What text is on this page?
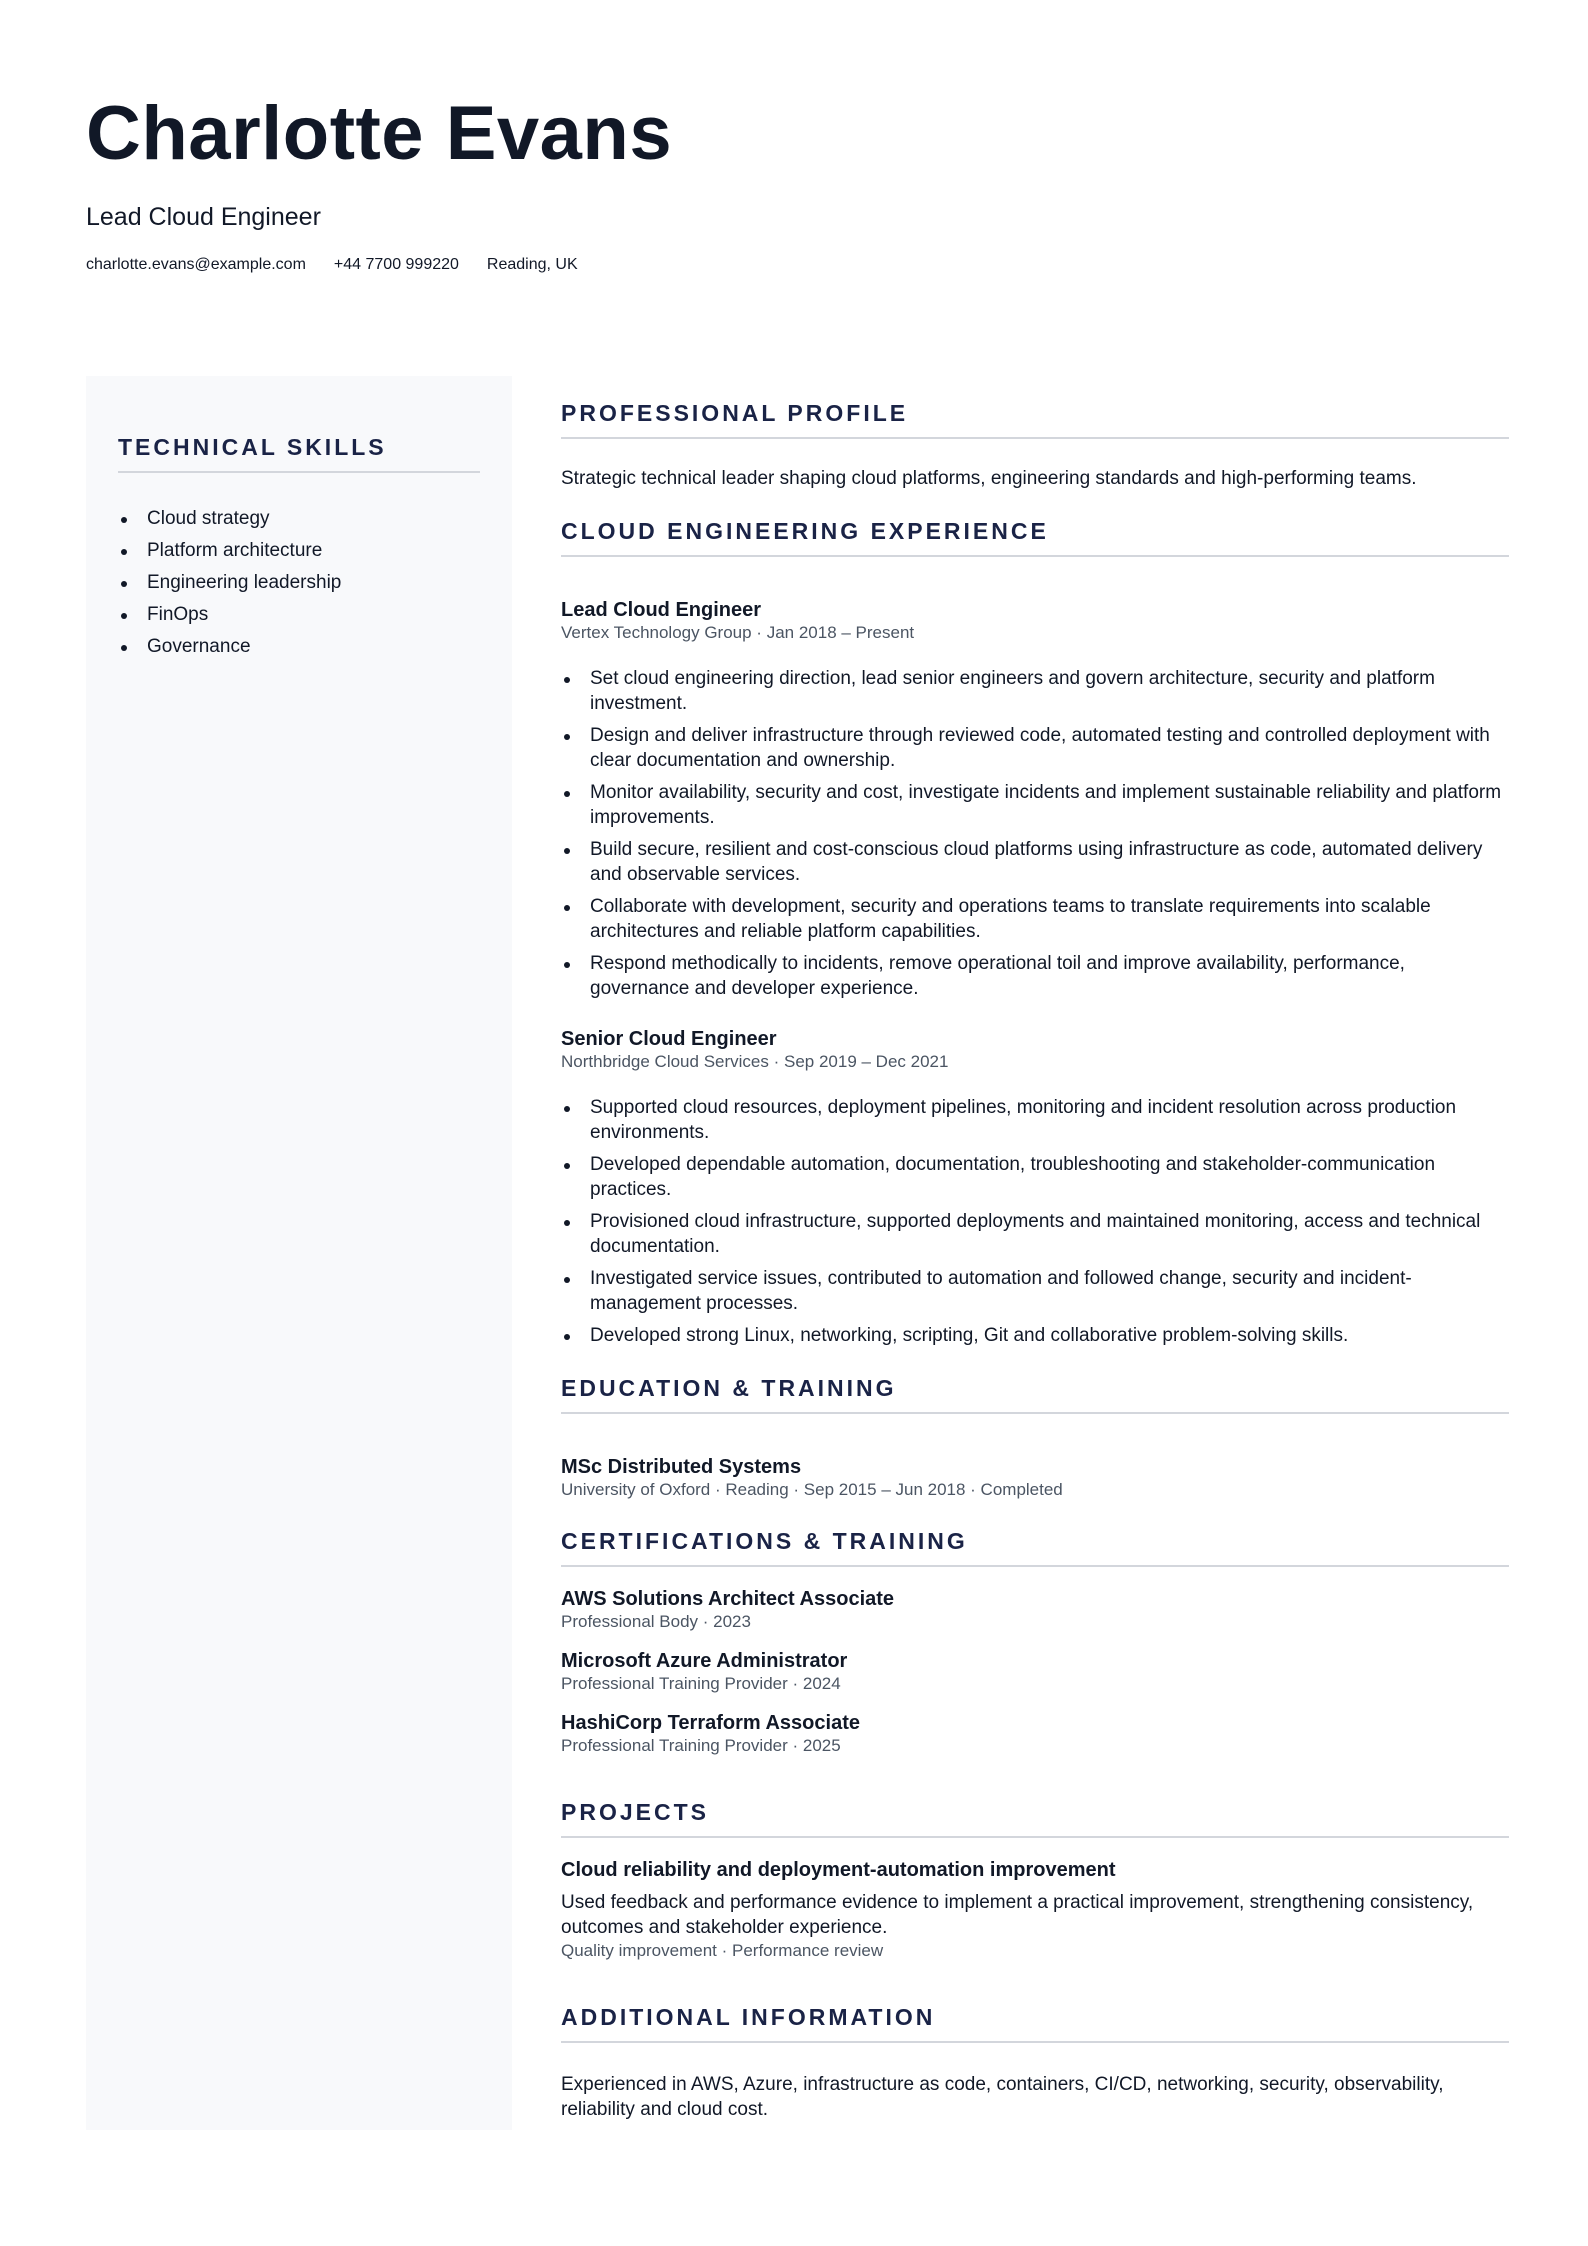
Charlotte Evans
Lead Cloud Engineer
charlotte.evans@example.com +44 7700 999220 Reading, UK
TECHNICAL SKILLS
Cloud strategy
Platform architecture
Engineering leadership
FinOps
Governance
PROFESSIONAL PROFILE

Strategic technical leader shaping cloud platforms, engineering standards and high-performing teams.

CLOUD ENGINEERING EXPERIENCE
Lead Cloud Engineer
Vertex Technology Group · Jan 2018 – Present
Set cloud engineering direction, lead senior engineers and govern architecture, security and platform investment.
Design and deliver infrastructure through reviewed code, automated testing and controlled deployment with clear documentation and ownership.
Monitor availability, security and cost, investigate incidents and implement sustainable reliability and platform improvements.
Build secure, resilient and cost-conscious cloud platforms using infrastructure as code, automated delivery and observable services.
Collaborate with development, security and operations teams to translate requirements into scalable architectures and reliable platform capabilities.
Respond methodically to incidents, remove operational toil and improve availability, performance, governance and developer experience.
Senior Cloud Engineer
Northbridge Cloud Services · Sep 2019 – Dec 2021
Supported cloud resources, deployment pipelines, monitoring and incident resolution across production environments.
Developed dependable automation, documentation, troubleshooting and stakeholder-communication practices.
Provisioned cloud infrastructure, supported deployments and maintained monitoring, access and technical documentation.
Investigated service issues, contributed to automation and followed change, security and incident-management processes.
Developed strong Linux, networking, scripting, Git and collaborative problem-solving skills.
EDUCATION & TRAINING
MSc Distributed Systems
University of Oxford · Reading · Sep 2015 – Jun 2018 · Completed
CERTIFICATIONS & TRAINING
AWS Solutions Architect Associate
Professional Body · 2023
Microsoft Azure Administrator
Professional Training Provider · 2024
HashiCorp Terraform Associate
Professional Training Provider · 2025
PROJECTS
Cloud reliability and deployment-automation improvement

Used feedback and performance evidence to implement a practical improvement, strengthening consistency, outcomes and stakeholder experience.

Quality improvement · Performance review
ADDITIONAL INFORMATION

Experienced in AWS, Azure, infrastructure as code, containers, CI/CD, networking, security, observability, reliability and cloud cost.
